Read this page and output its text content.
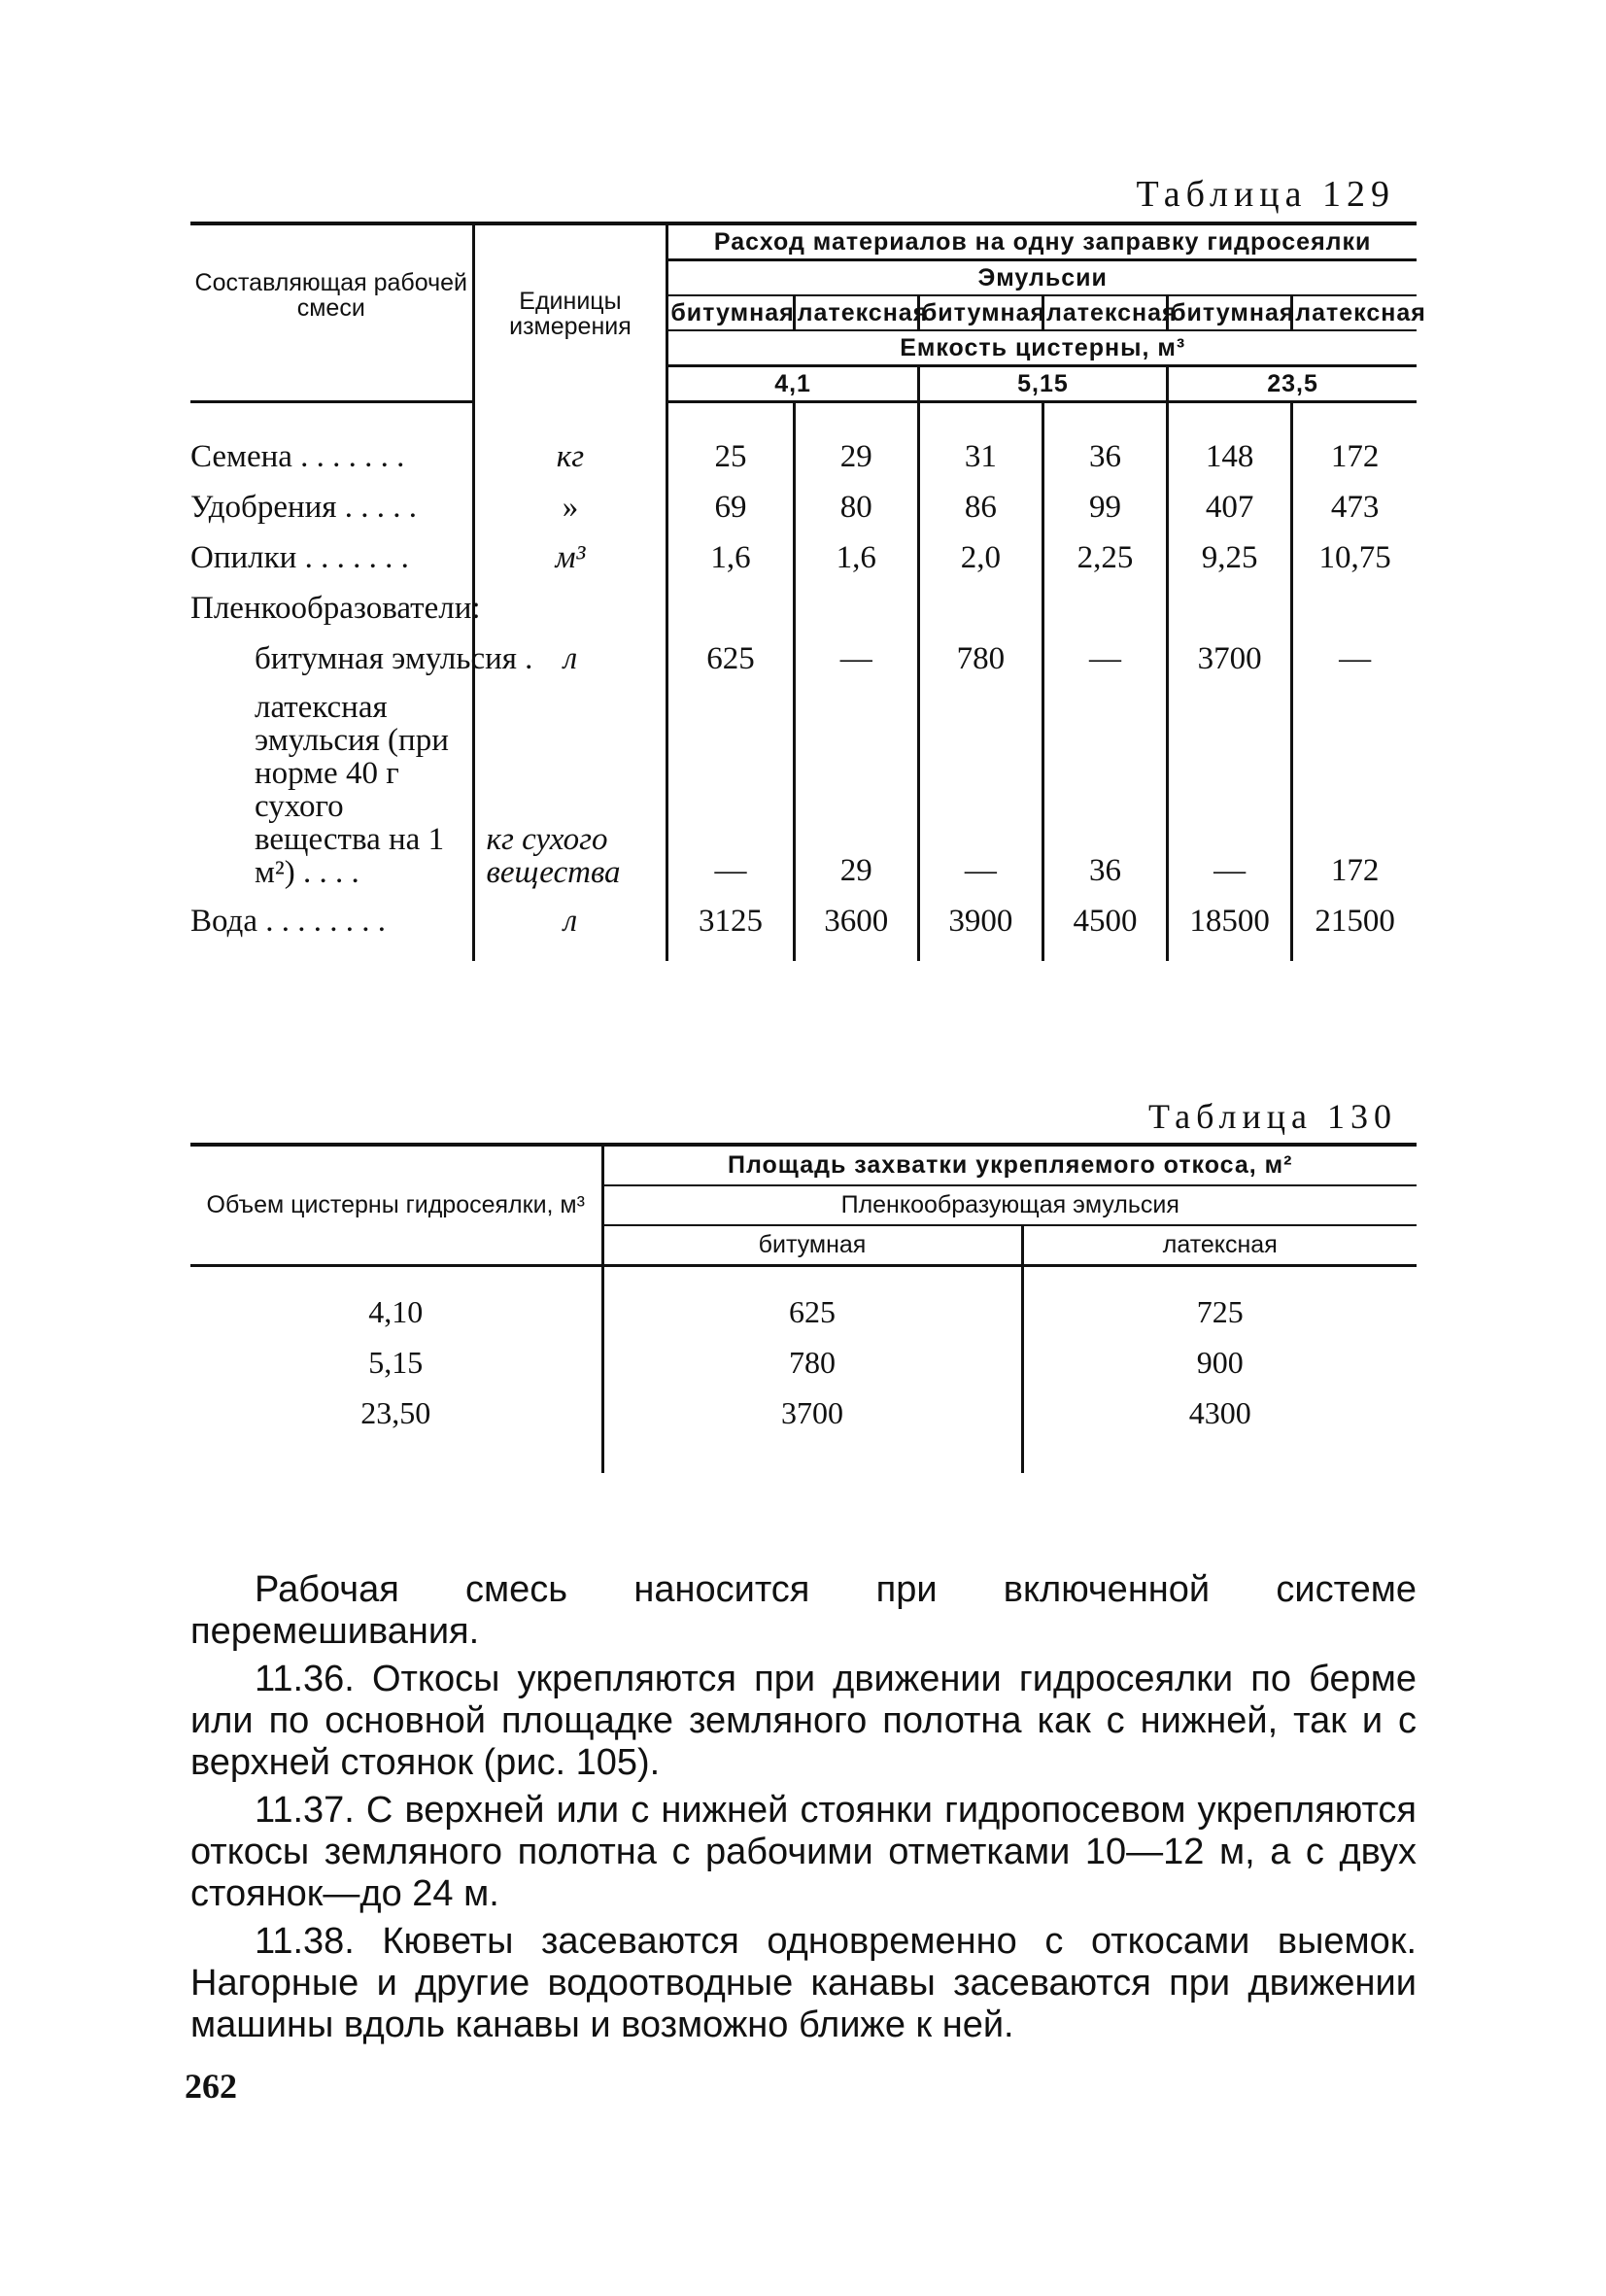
Таблица 129
Составляющая рабочей смеси	Единицы измерения	Расход материалов на одну заправку гидросеялки					
		Эмульсии					
		битумная	латексная	битумная	латексная	битумная	латексная
		Емкость цистерны, м³					
		4,1		5,15		23,5	
Семена . . . . . . .	кг	25	29	31	36	148	172
Удобрения . . . . .	»	69	80	86	99	407	473
Опилки . . . . . . .	м³	1,6	1,6	2,0	2,25	9,25	10,75
Пленкообразователи:							
битумная эмульсия .	л	625	—	780	—	3700	—
латексная эмульсия (при норме 40 г сухого вещества на 1 м²) . . . .	кг сухого вещества	—	29	—	36	—	172
Вода . . . . . . . .	л	3125	3600	3900	4500	18500	21500
Таблица 130
Объем цистерны гидросеялки, м³	Площадь захватки укрепляемого откоса, м²	
	Пленкообразующая эмульсия	
	битумная	латексная
4,10	625	725
5,15	780	900
23,50	3700	4300

Рабочая смесь наносится при включенной системе перемешивания.

11.36. Откосы укрепляются при движении гидросеялки по берме или по основной площадке земляного полотна как с нижней, так и с верхней стоянок (рис. 105).

11.37. С верхней или с нижней стоянки гидропосевом укрепляются откосы земляного полотна с рабочими отметками 10—12 м, а с двух стоянок—до 24 м.

11.38. Кюветы засеваются одновременно с откосами выемок. Нагорные и другие водоотводные канавы засеваются при движении машины вдоль канавы и возможно ближе к ней.

262
